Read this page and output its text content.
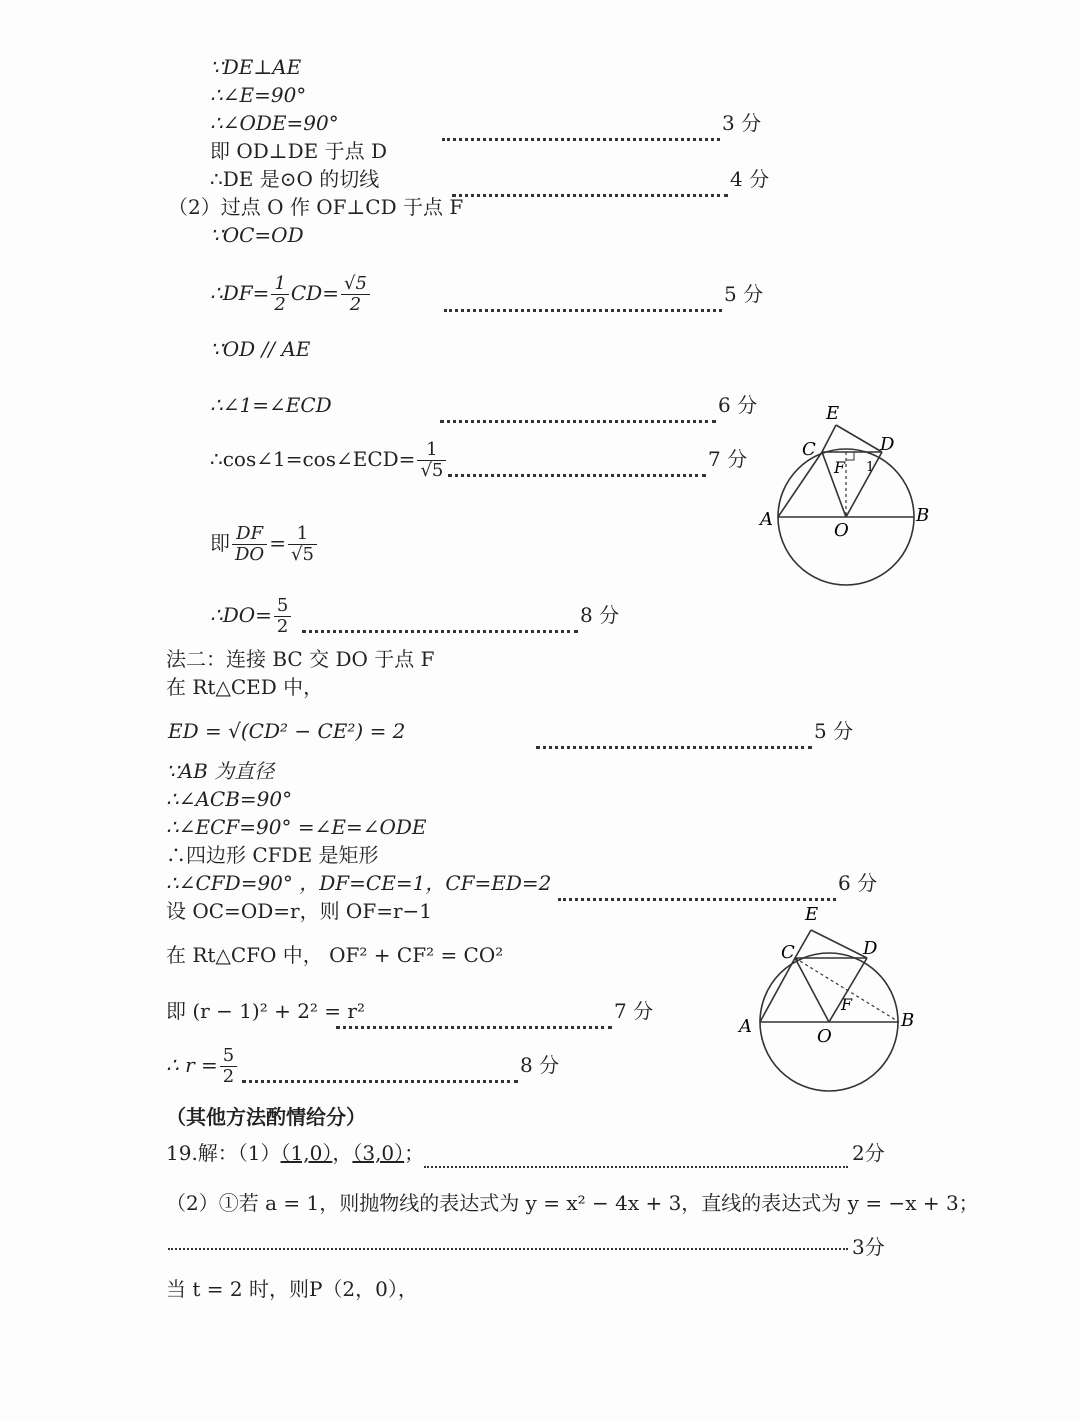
∵DE⊥AE
∴∠E=90°
∴∠ODE=90°	3 分
即 OD⊥DE 于点 D
∴DE 是⊙O 的切线	4 分
（2）过点 O 作 OF⊥CD 于点 F
∵OC=OD
∴DF= $\frac{1}{2} CD= \frac{√5}{2}$	5 分
∵OD // AE
∴∠1=∠ECD	6 分
∴cos∠1=cos∠ECD= $\frac{1}{√5}$	7 分
即 $\frac{DF}{DO} = \frac{1}{√5}$
∴DO= $\frac{5}{2}$	8 分
E
C	D
F 1
A
O
B
法二：连接 BC 交 DO 于点 F
在 Rt△CED 中，
ED = √(CD² − CE²) = 2	5 分
∵AB 为直径
∴∠ACB=90°
∴∠ECF=90° =∠E=∠ODE
∴四边形 CFDE 是矩形
∴∠CFD=90° ，DF=CE=1，CF=ED=2	6 分
设 OC=OD=r，则 OF=r−1
在 Rt△CFO 中， OF² + CF² = CO²
即 (r − 1)² + 2² = r²	7 分
∴ $r = \frac{5}{2}$	8 分
E
C	D
F
A	O
B
（其他方法酌情给分）
19.解：（1）（1,0），（3,0）；	2分
（2）①若 a = 1，则抛物线的表达式为 y = x² − 4x + 3，直线的表达式为 y = −x + 3；
3分
当 t = 2 时，则P（2，0），
